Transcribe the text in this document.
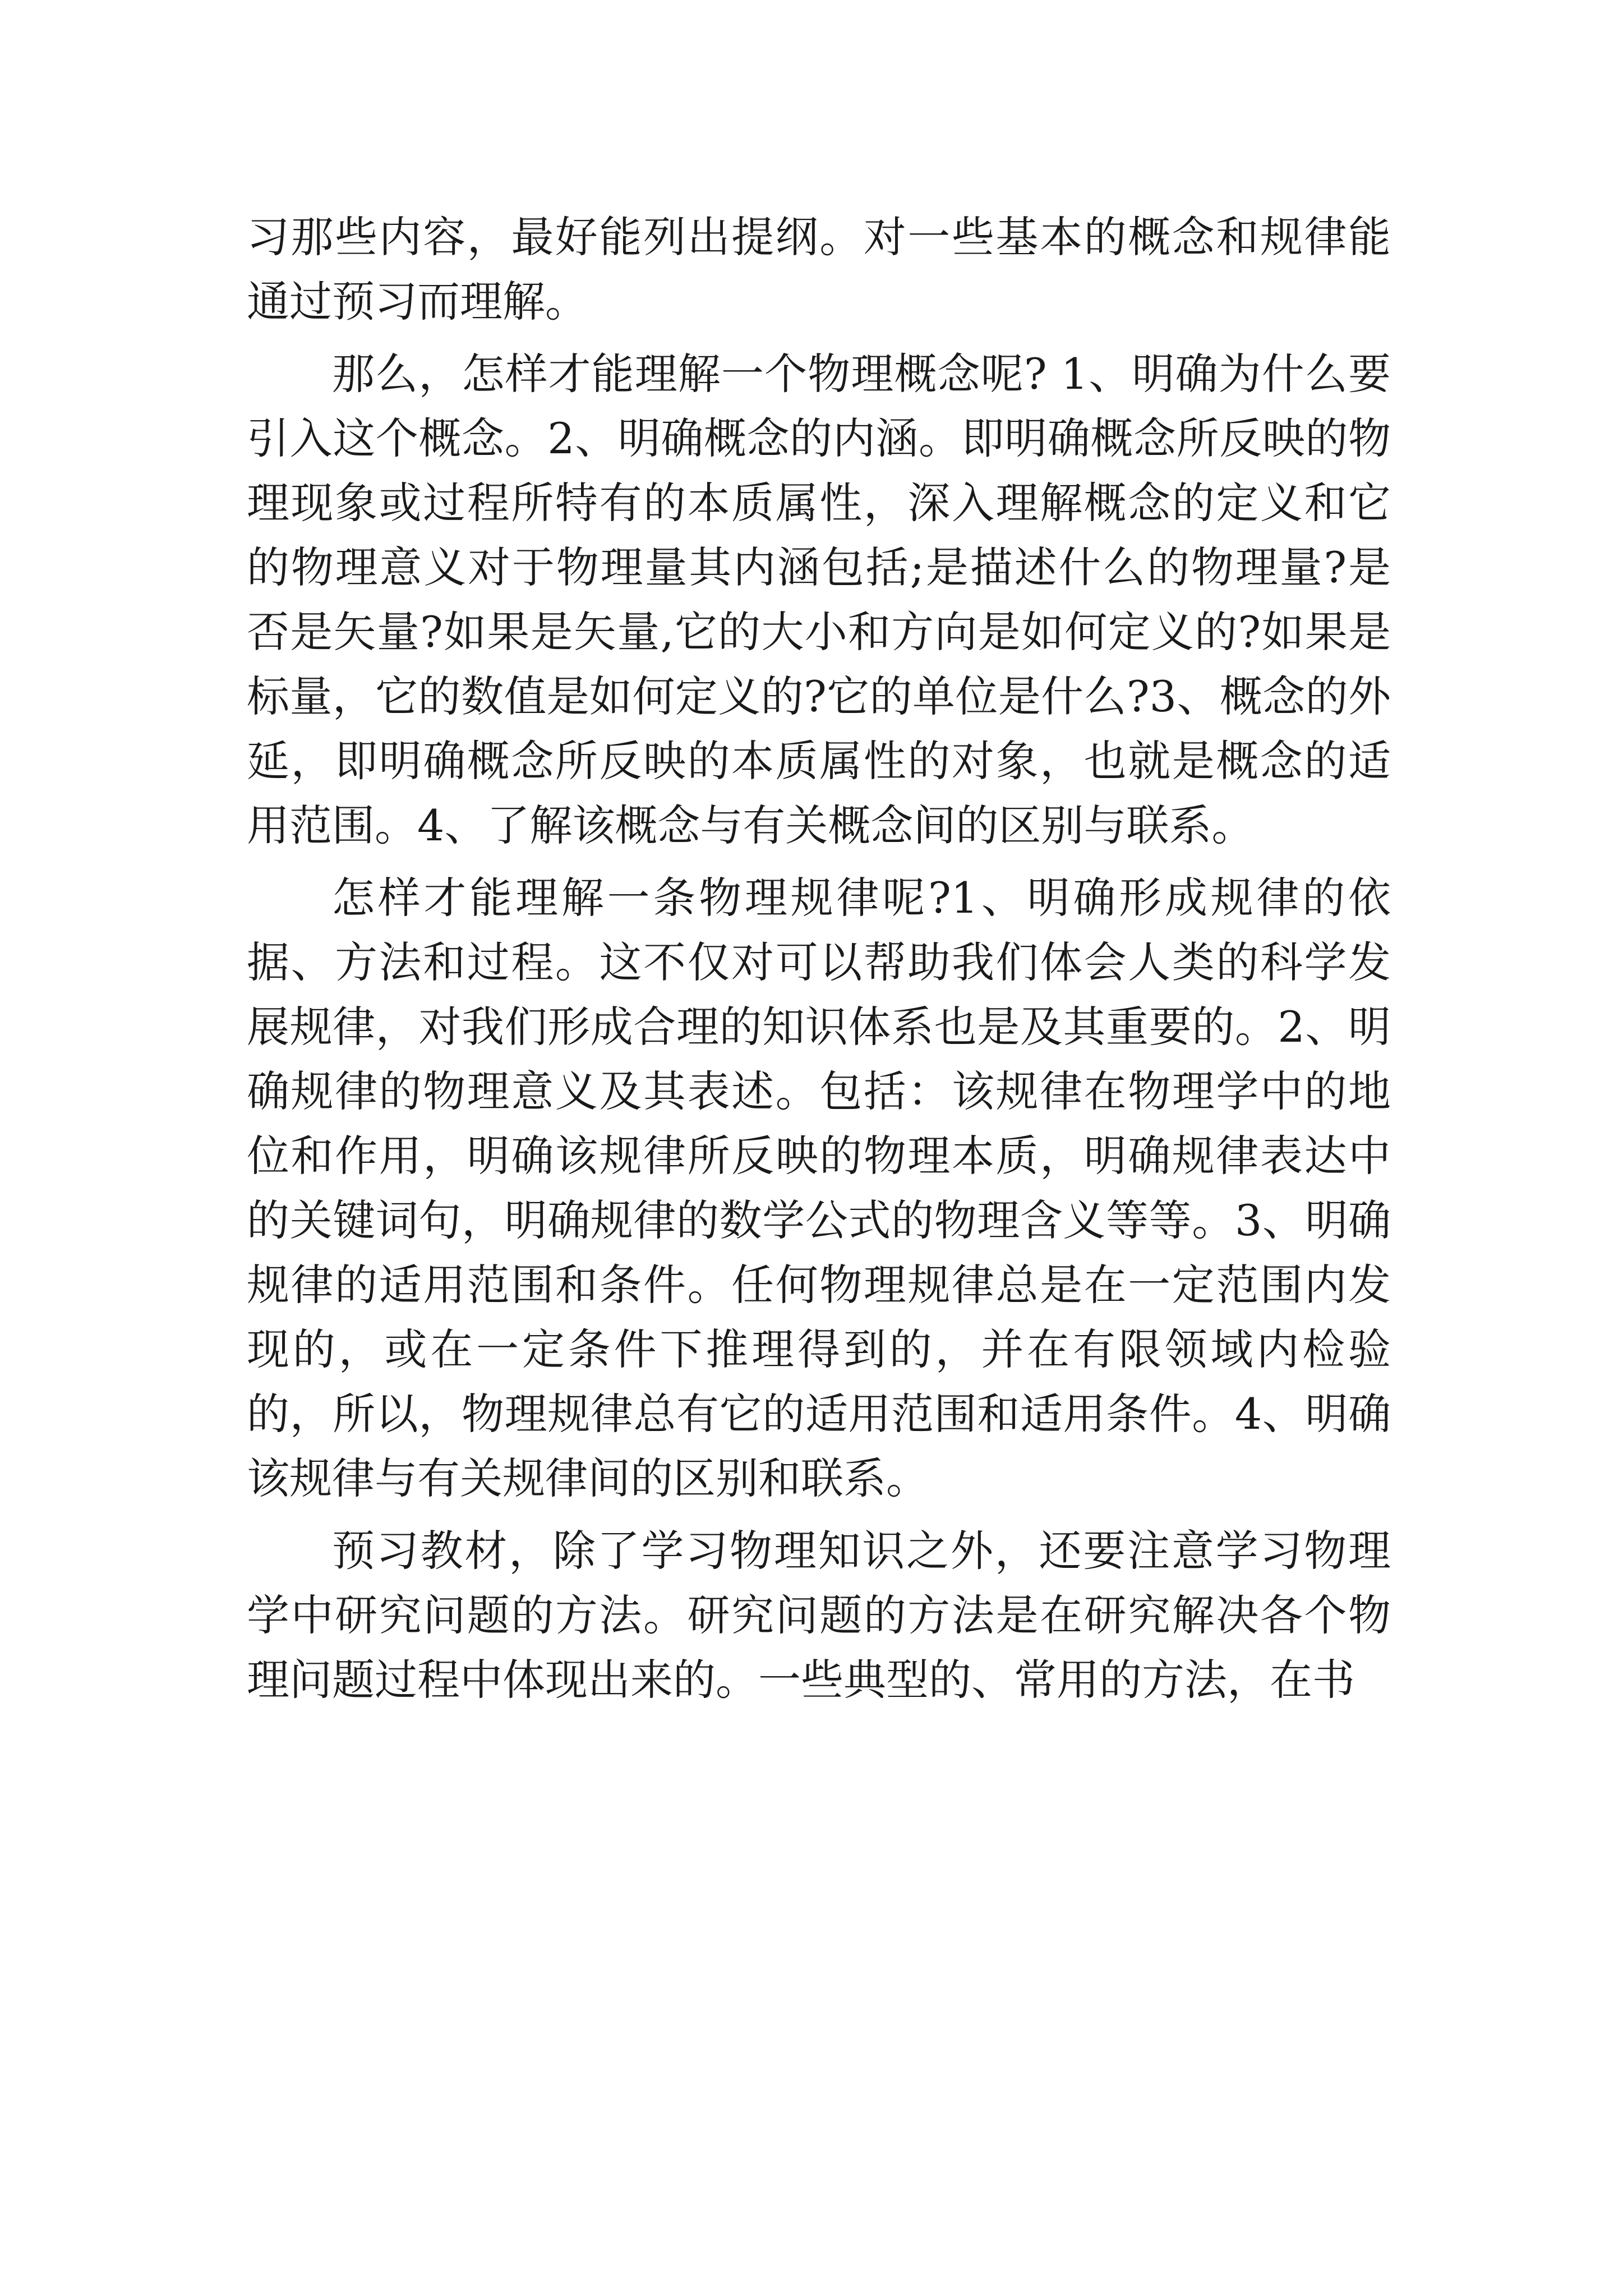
习那些内容，最好能列出提纲。对一些基本的概念和规律能通过预习而理解。

那么，怎样才能理解一个物理概念呢? 1、明确为什么要引入这个概念。2、明确概念的内涵。即明确概念所反映的物理现象或过程所特有的本质属性，深入理解概念的定义和它的物理意义对于物理量其内涵包括;是描述什么的物理量?是否是矢量?如果是矢量,它的大小和方向是如何定义的?如果是标量，它的数值是如何定义的?它的单位是什么?3、概念的外延，即明确概念所反映的本质属性的对象，也就是概念的适用范围。4、了解该概念与有关概念间的区别与联系。

怎样才能理解一条物理规律呢?1、明确形成规律的依据、方法和过程。这不仅对可以帮助我们体会人类的科学发展规律，对我们形成合理的知识体系也是及其重要的。2、明确规律的物理意义及其表述。包括：该规律在物理学中的地位和作用，明确该规律所反映的物理本质，明确规律表达中的关键词句，明确规律的数学公式的物理含义等等。3、明确规律的适用范围和条件。任何物理规律总是在一定范围内发现的，或在一定条件下推理得到的，并在有限领域内检验的，所以，物理规律总有它的适用范围和适用条件。4、明确该规律与有关规律间的区别和联系。

预习教材，除了学习物理知识之外，还要注意学习物理学中研究问题的方法。研究问题的方法是在研究解决各个物理问题过程中体现出来的。一些典型的、常用的方法，在书
